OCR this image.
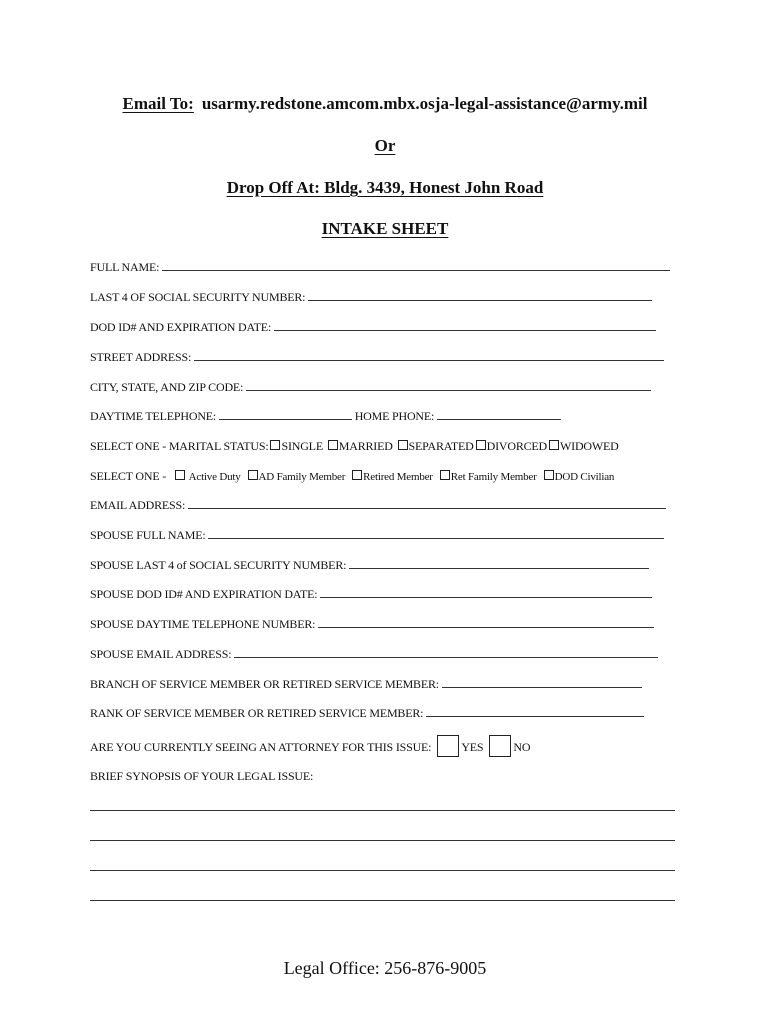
Email To: usarmy.redstone.amcom.mbx.osja-legal-assistance@army.mil
Or
Drop Off At: Bldg. 3439, Honest John Road
INTAKE SHEET
FULL NAME:
LAST 4 OF SOCIAL SECURITY NUMBER:
DOD ID# AND EXPIRATION DATE:
STREET ADDRESS:
CITY, STATE, AND ZIP CODE:
DAYTIME TELEPHONE:	HOME PHONE:
SELECT ONE - MARITAL STATUS: SINGLE MARRIED SEPARATED DIVORCED WIDOWED
SELECT ONE - Active Duty AD Family Member Retired Member Ret Family Member DOD Civilian
EMAIL ADDRESS:
SPOUSE FULL NAME:
SPOUSE LAST 4 of SOCIAL SECURITY NUMBER:
SPOUSE DOD ID# AND EXPIRATION DATE:
SPOUSE DAYTIME TELEPHONE NUMBER:
SPOUSE EMAIL ADDRESS:
BRANCH OF SERVICE MEMBER OR RETIRED SERVICE MEMBER:
RANK OF SERVICE MEMBER OR RETIRED SERVICE MEMBER:
ARE YOU CURRENTLY SEEING AN ATTORNEY FOR THIS ISSUE:	YES	NO
BRIEF SYNOPSIS OF YOUR LEGAL ISSUE:
Legal Office: 256-876-9005
